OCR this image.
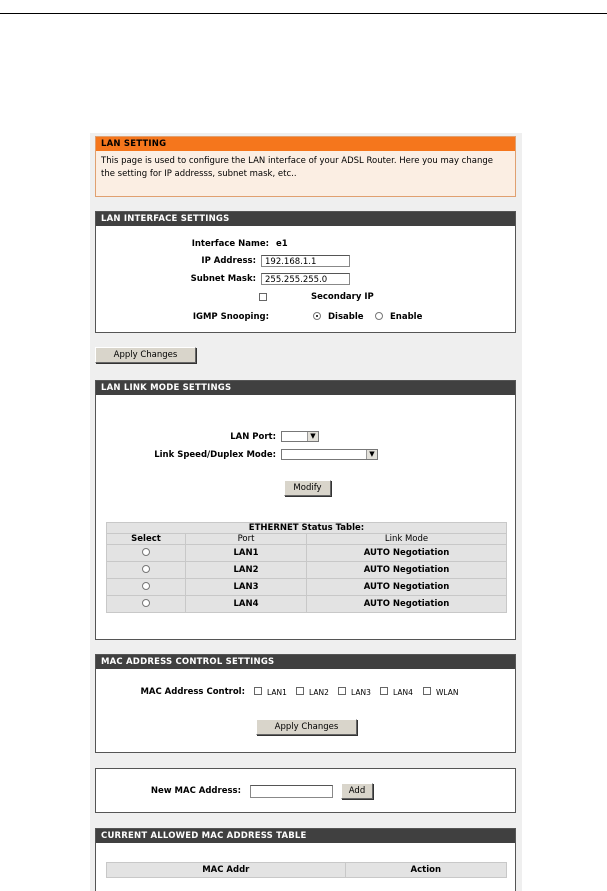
LAN SETTING
This page is used to configure the LAN interface of your ADSL Router. Here you may change the setting for IP addresss, subnet mask, etc..
LAN INTERFACE SETTINGS
Interface Name: e1
IP Address:	192.168.1.1
Subnet Mask:	255.255.255.0
Secondary IP
IGMP Snooping:	Disable	Enable
Apply Changes
LAN LINK MODE SETTINGS
LAN Port:	▼
Link Speed/Duplex Mode:	▼
Modify
ETHERNET Status Table:		
Select	Port	Link Mode
	LAN1	AUTO Negotiation
	LAN2	AUTO Negotiation
	LAN3	AUTO Negotiation
	LAN4	AUTO Negotiation
MAC ADDRESS CONTROL SETTINGS
MAC Address Control:	LAN1	LAN2	LAN3	LAN4	WLAN
Apply Changes
New MAC Address:	Add
CURRENT ALLOWED MAC ADDRESS TABLE
MAC Addr	Action
